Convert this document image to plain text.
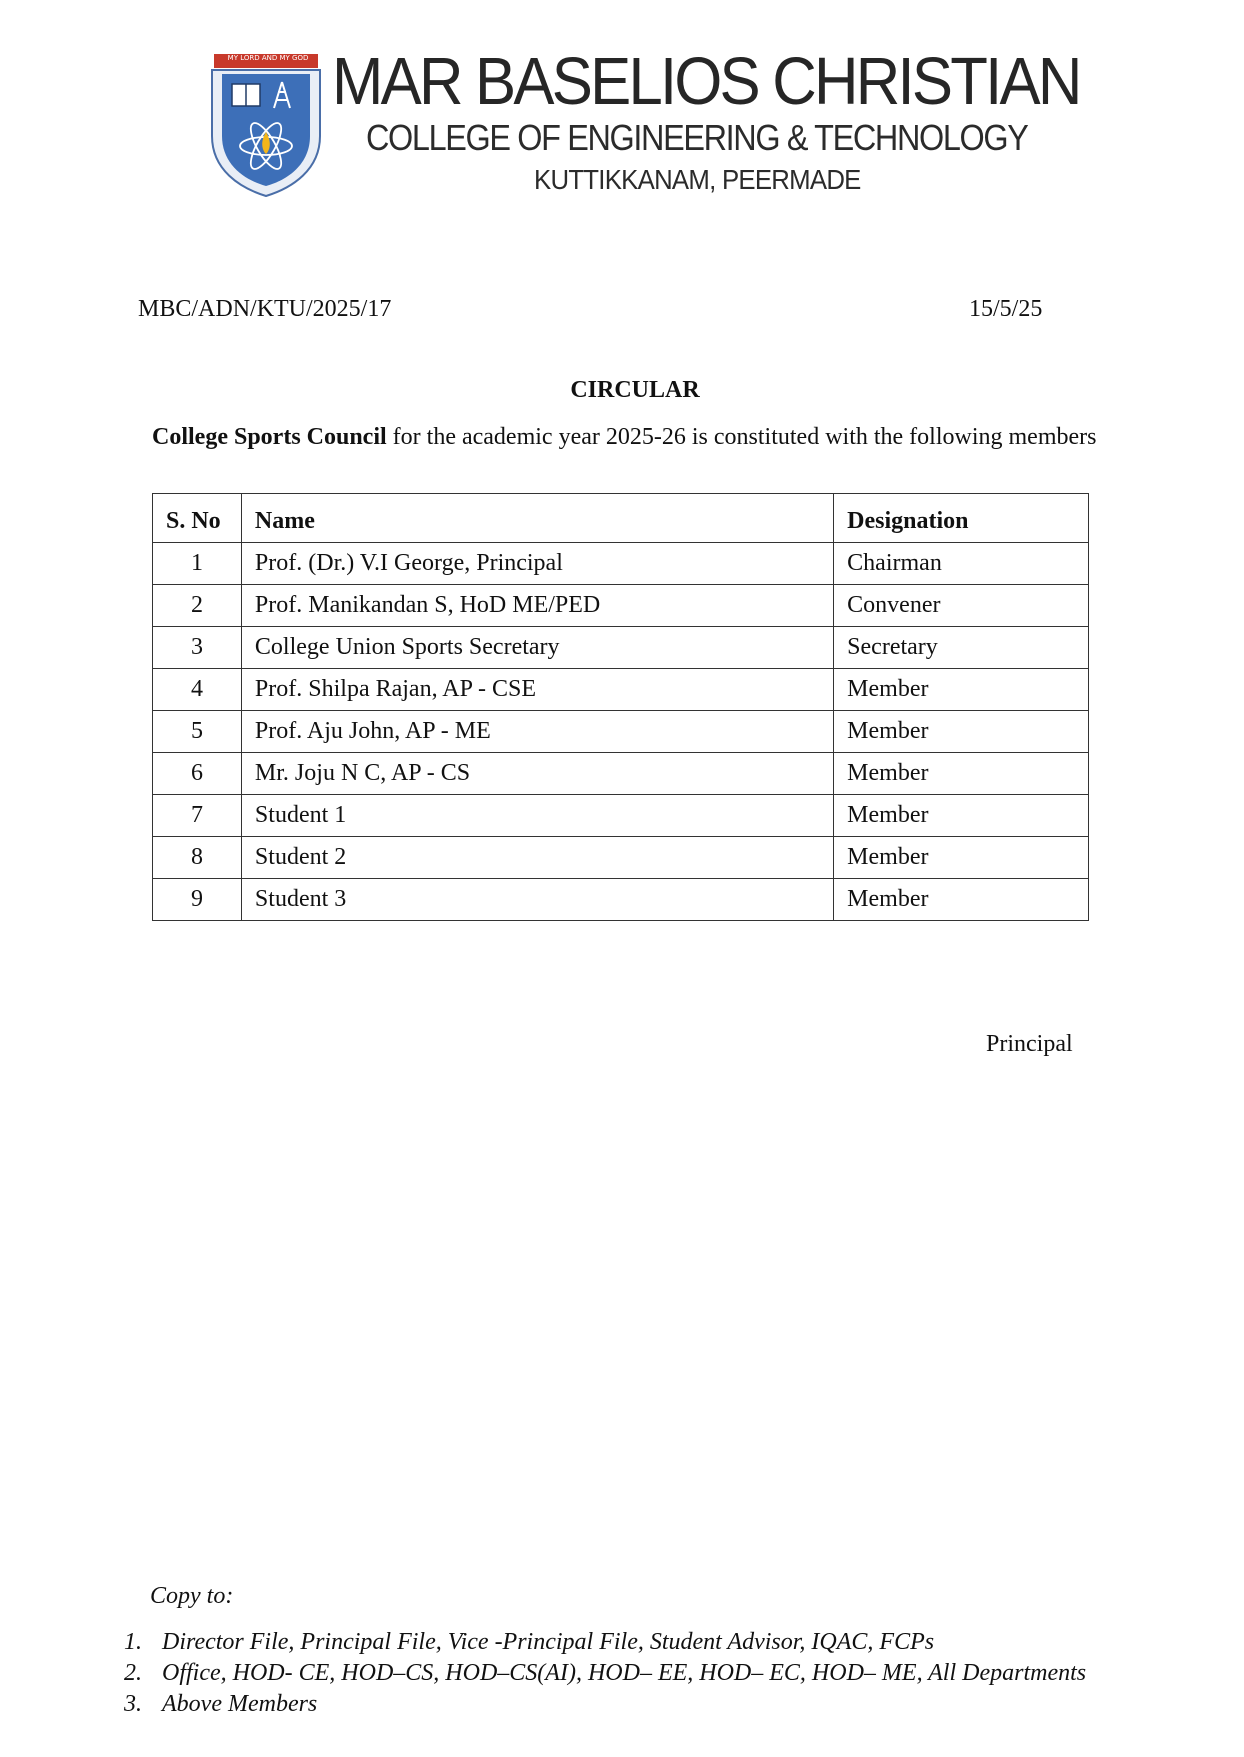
MY LORD AND MY GOD MAR BASELIOS CHRISTIAN
COLLEGE OF ENGINEERING & TECHNOLOGY
KUTTIKKANAM, PEERMADE
MBC/ADN/KTU/2025/17	15/5/25
CIRCULAR
College Sports Council for the academic year 2025-26 is constituted with the following members
S. No	Name	Designation
1	Prof. (Dr.) V.I George, Principal	Chairman
2	Prof. Manikandan S, HoD ME/PED	Convener
3	College Union Sports Secretary	Secretary
4	Prof. Shilpa Rajan, AP - CSE	Member
5	Prof. Aju John, AP - ME	Member
6	Mr. Joju N C, AP - CS	Member
7	Student 1	Member
8	Student 2	Member
9	Student 3	Member
Principal
Copy to:
1. Director File, Principal File, Vice -Principal File, Student Advisor, IQAC, FCPs
2. Office, HOD- CE, HOD–CS, HOD–CS(AI), HOD– EE, HOD– EC, HOD– ME, All Departments
3. Above Members
